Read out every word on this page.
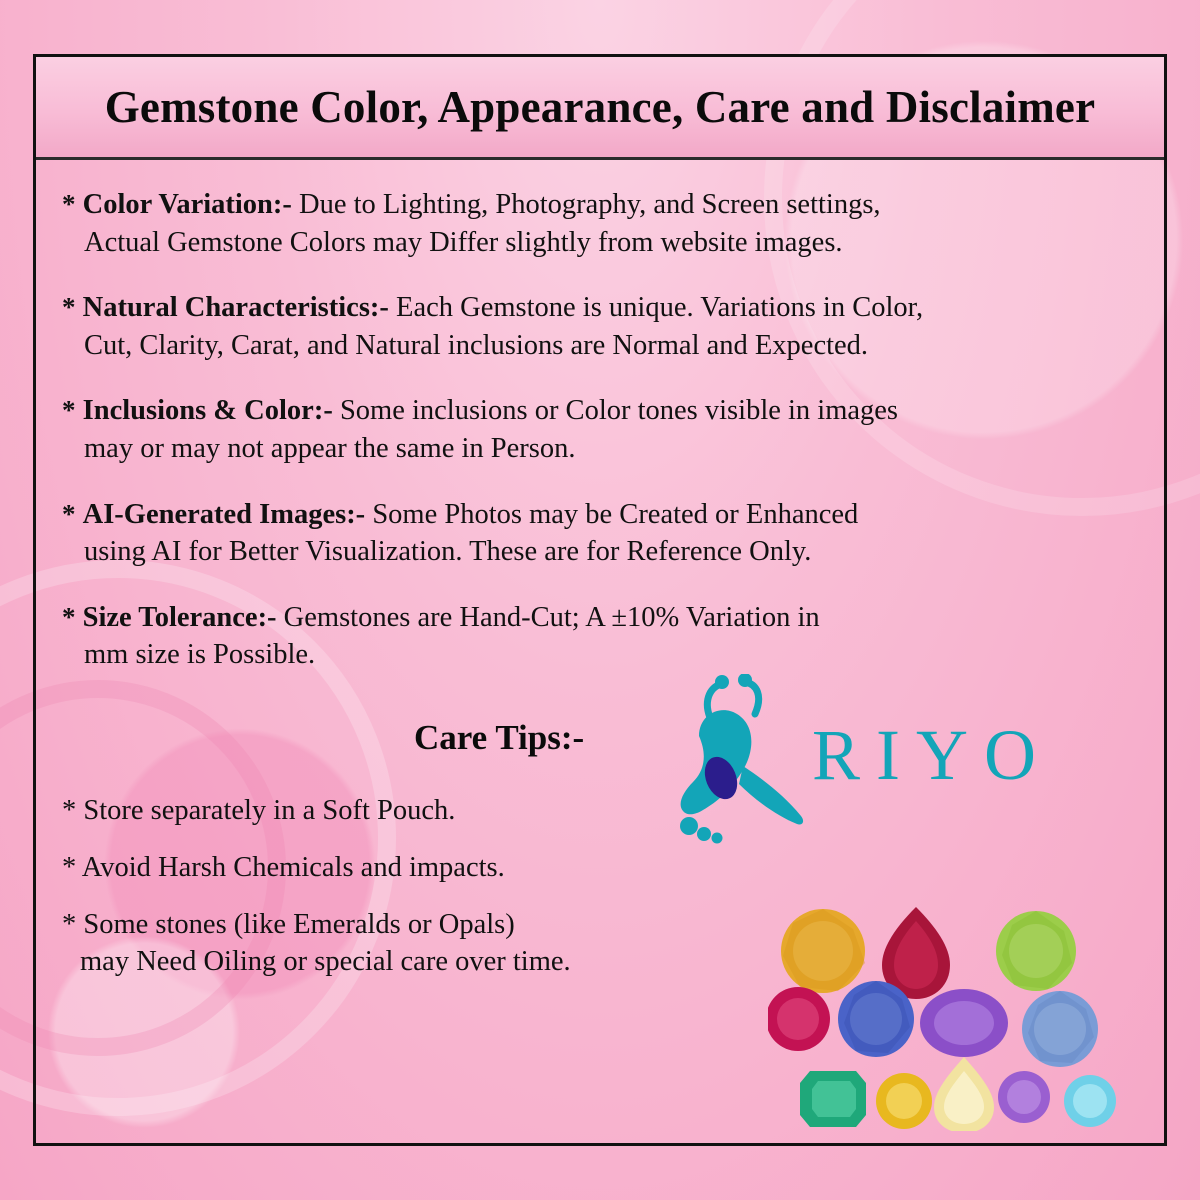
Gemstone Color, Appearance, Care and Disclaimer
* Color Variation:- Due to Lighting, Photography, and Screen settings,
Actual Gemstone Colors may Differ slightly from website images.
* Natural Characteristics:- Each Gemstone is unique. Variations in Color,
Cut, Clarity, Carat, and Natural inclusions are Normal and Expected.
* Inclusions & Color:- Some inclusions or Color tones visible in images
may or may not appear the same in Person.
* AI-Generated Images:- Some Photos may be Created or Enhanced
using AI for Better Visualization. These are for Reference Only.
* Size Tolerance:- Gemstones are Hand-Cut; A ±10% Variation in
mm size is Possible.
Care Tips:-	RIYO
* Store separately in a Soft Pouch.
* Avoid Harsh Chemicals and impacts.
* Some stones (like Emeralds or Opals)
may Need Oiling or special care over time.
